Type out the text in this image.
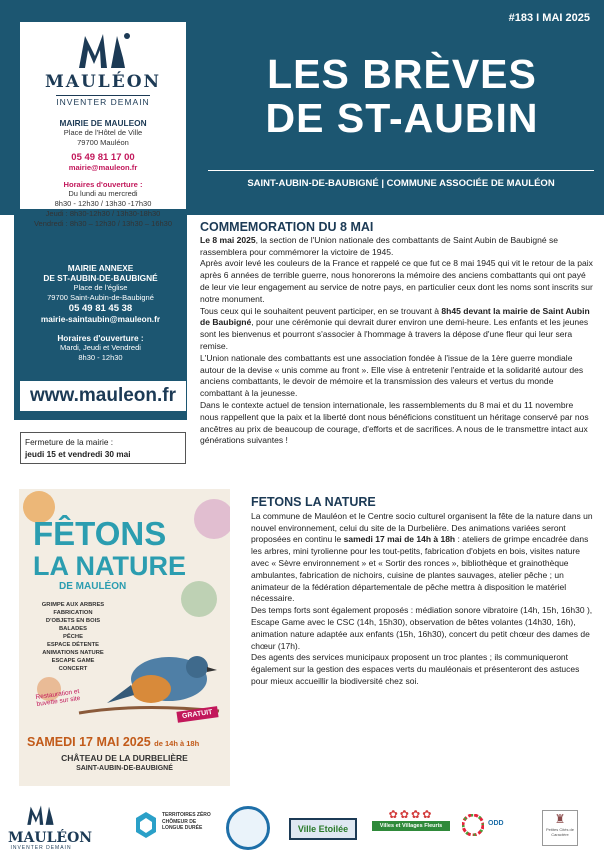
#183 I MAI 2025
LES BRÈVES
DE ST-AUBIN
SAINT-AUBIN-DE-BAUBIGNÉ | COMMUNE ASSOCIÉE DE MAULÉON
MAULÉON
INVENTER DEMAIN
MAIRIE DE MAULEON
Place de l'Hôtel de Ville
79700 Mauléon
05 49 81 17 00
mairie@mauleon.fr
Horaires d'ouverture :
Du lundi au mercredi
8h30 - 12h30 / 13h30 -17h30
Jeudi : 8h30-12h30 / 13h30-18h30
Vendredi : 8h30 – 12h30 / 13h30 – 16h30
MAIRIE ANNEXE
DE ST-AUBIN-DE-BAUBIGNÉ
Place de l'église
79700 Saint-Aubin-de-Baubigné
05 49 81 45 38
mairie-saintaubin@mauleon.fr
Horaires d'ouverture :
Mardi, Jeudi et Vendredi
8h30 - 12h30
www.mauleon.fr
Fermeture de la mairie :
jeudi 15 et vendredi 30 mai
COMMEMORATION DU 8 MAI

Le 8 mai 2025, la section de l'Union nationale des combattants de Saint Aubin de Baubigné se rassemblera pour commémorer la victoire de 1945.

Après avoir levé les couleurs de la France et rappelé ce que fut ce 8 mai 1945 qui vit le retour de la paix après 6 années de terrible guerre, nous honorerons la mémoire des anciens combattants qui ont payé de leur vie leur engagement au service de notre pays, en particulier ceux dont les noms sont inscrits sur notre monument.

Tous ceux qui le souhaitent peuvent participer, en se trouvant à 8h45 devant la mairie de Saint Aubin de Baubigné, pour une cérémonie qui devrait durer environ une demi-heure. Les enfants et les jeunes sont les bienvenus et pourront s'associer à l'hommage à travers la dépose d'une fleur qui leur sera remise.

L'Union nationale des combattants est une association fondée à l'issue de la 1ère guerre mondiale autour de la devise « unis comme au front ». Elle vise à entretenir l'entraide et la solidarité autour des anciens combattants, le devoir de mémoire et la transmission des valeurs et vertus du monde combattant à la jeunesse.

Dans le contexte actuel de tension internationale, les rassemblements du 8 mai et du 11 novembre nous rappellent que la paix et la liberté dont nous bénéficions constituent un héritage conservé par nos ancêtres au prix de beaucoup de courage, d'efforts et de sacrifices. A nous de le transmettre intact aux générations suivantes !

FÊTONS
LA NATURE
DE MAULÉON
GRIMPE AUX ARBRES
FABRICATION
D'OBJETS EN BOIS
BALADES
PÊCHE
ESPACE DÉTENTE
ANIMATIONS NATURE
ESCAPE GAME
CONCERT
Restauration et buvette sur site
GRATUIT
SAMEDI 17 MAI 2025 de 14h à 18h
CHÂTEAU DE LA DURBELIÈRE
SAINT-AUBIN-DE-BAUBIGNÉ
FETONS LA NATURE

La commune de Mauléon et le Centre socio culturel organisent la fête de la nature dans un nouvel environnement, celui du site de la Durbelière. Des animations variées seront proposées en continu le samedi 17 mai de 14h à 18h : ateliers de grimpe encadrée dans les arbres, mini tyrolienne pour les tout-petits, fabrication d'objets en bois, visites nature avec « Sèvre environnement » et « Sortir des ronces », bibliothèque et grainothèque ambulantes, fabrication de nichoirs, cuisine de plantes sauvages, atelier pêche ; un animateur de la fédération départementale de pêche mettra à disposition le matériel nécessaire.

Des temps forts sont également proposés : médiation sonore vibratoire (14h, 15h, 16h30 ), Escape Game avec le CSC (14h, 15h30), observation de bêtes volantes (14h30, 16h), animation nature adaptée aux enfants (15h, 16h30), concert du petit chœur des dames de chœur (17h).

Des agents des services municipaux proposent un troc plantes ; ils communiqueront également sur la gestion des espaces verts du mauléonais et présenteront des astuces pour mieux accueillir la biodiversité chez soi.

MAULÉON
INVENTER DEMAIN
TERRITOIRES ZÉRO CHÔMEUR DE LONGUE DURÉE	Ville Etoilée
✿✿✿✿
Villes et Villages Fleuris	ODD	♜
Petites Cités de Caractère
